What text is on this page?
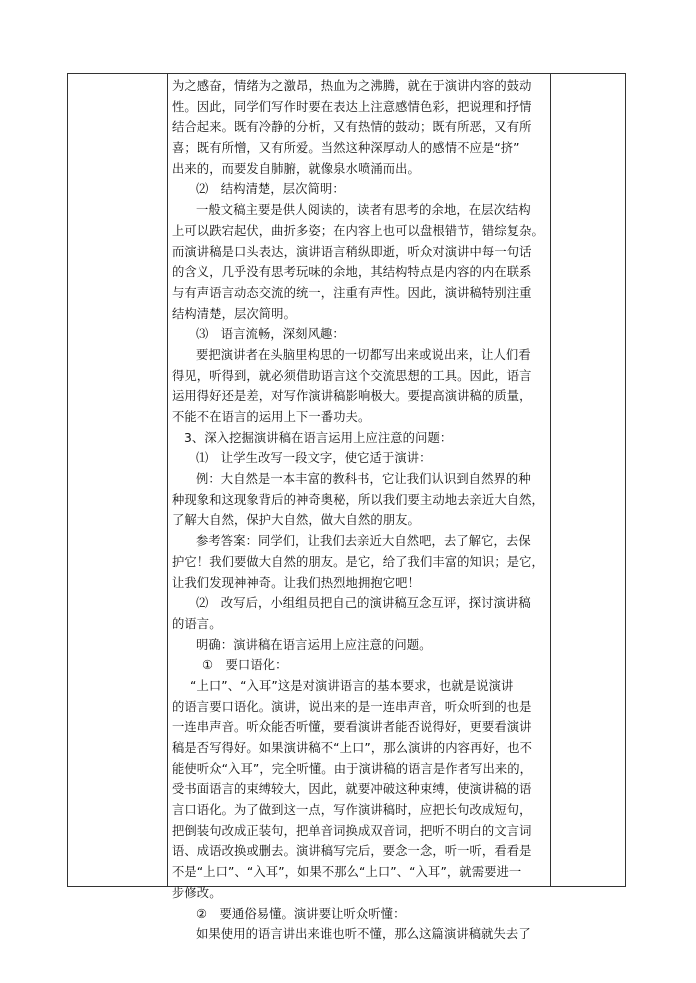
为之感奋，情绪为之激昂，热血为之沸腾，就在于演讲内容的鼓动
性。因此，同学们写作时要在表达上注意感情色彩，把说理和抒情
结合起来。既有冷静的分析，又有热情的鼓动；既有所恶，又有所
喜；既有所憎，又有所爱。当然这种深厚动人的感情不应是“挤”
出来的，而要发自肺腑，就像泉水喷涌而出。
⑵　结构清楚，层次简明：
一般文稿主要是供人阅读的，读者有思考的余地，在层次结构
上可以跌宕起伏，曲折多姿；在内容上也可以盘根错节，错综复杂。
而演讲稿是口头表达，演讲语言稍纵即逝，听众对演讲中每一句话
的含义，几乎没有思考玩味的余地，其结构特点是内容的内在联系
与有声语言动态交流的统一，注重有声性。因此，演讲稿特别注重
结构清楚，层次简明。
⑶　语言流畅，深刻风趣：
要把演讲者在头脑里构思的一切都写出来或说出来，让人们看
得见，听得到，就必须借助语言这个交流思想的工具。因此，语言
运用得好还是差，对写作演讲稿影响极大。要提高演讲稿的质量，
不能不在语言的运用上下一番功夫。
3、深入挖掘演讲稿在语言运用上应注意的问题：
⑴　让学生改写一段文字，使它适于演讲：
例：大自然是一本丰富的教科书，它让我们认识到自然界的种
种现象和这现象背后的神奇奥秘，所以我们要主动地去亲近大自然，
了解大自然，保护大自然，做大自然的朋友。
参考答案：同学们，让我们去亲近大自然吧，去了解它，去保
护它！我们要做大自然的朋友。是它，给了我们丰富的知识；是它，
让我们发现神神奇。让我们热烈地拥抱它吧！
⑵　改写后，小组组员把自己的演讲稿互念互评，探讨演讲稿
的语言。
明确：演讲稿在语言运用上应注意的问题。
①　要口语化：
“上口”、“入耳”这是对演讲语言的基本要求，也就是说演讲
的语言要口语化。演讲，说出来的是一连串声音，听众听到的也是
一连串声音。听众能否听懂，要看演讲者能否说得好，更要看演讲
稿是否写得好。如果演讲稿不“上口”，那么演讲的内容再好，也不
能使听众“入耳”，完全听懂。由于演讲稿的语言是作者写出来的，
受书面语言的束缚较大，因此，就要冲破这种束缚，使演讲稿的语
言口语化。为了做到这一点，写作演讲稿时，应把长句改成短句，
把倒装句改成正装句，把单音词换成双音词，把听不明白的文言词
语、成语改换或删去。演讲稿写完后，要念一念，听一听，看看是
不是“上口”、“入耳”，如果不那么“上口”、“入耳”，就需要进一
步修改。
②　要通俗易懂。演讲要让听众听懂：
如果使用的语言讲出来谁也听不懂，那么这篇演讲稿就失去了
